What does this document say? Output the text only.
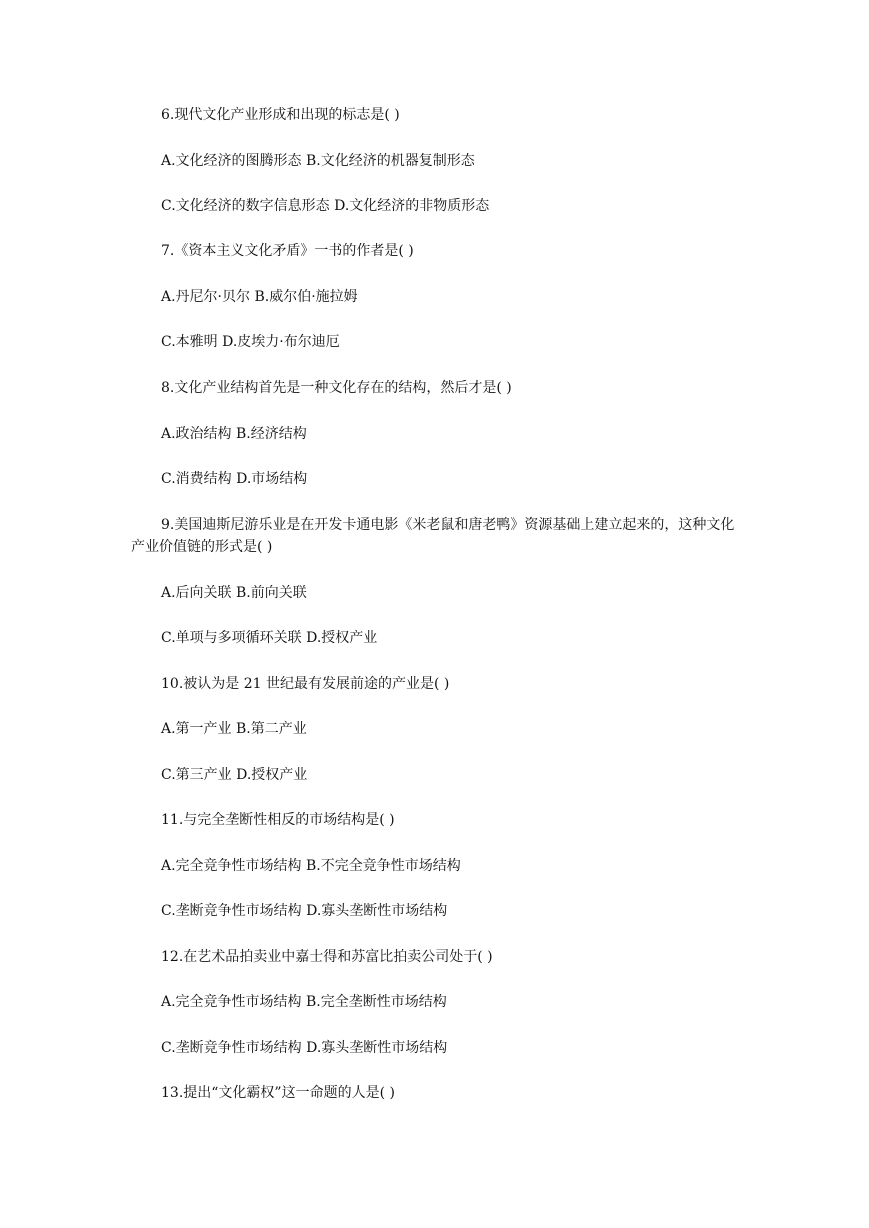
6.现代文化产业形成和出现的标志是( )
A.文化经济的图腾形态 B.文化经济的机器复制形态
C.文化经济的数字信息形态 D.文化经济的非物质形态
7.《资本主义文化矛盾》一书的作者是( )
A.丹尼尔·贝尔 B.威尔伯·施拉姆
C.本雅明 D.皮埃力·布尔迪厄
8.文化产业结构首先是一种文化存在的结构，然后才是( )
A.政治结构 B.经济结构
C.消费结构 D.市场结构
9.美国迪斯尼游乐业是在开发卡通电影《米老鼠和唐老鸭》资源基础上建立起来的，这种文化产业价值链的形式是( )
A.后向关联 B.前向关联
C.单项与多项循环关联 D.授权产业
10.被认为是 21 世纪最有发展前途的产业是( )
A.第一产业 B.第二产业
C.第三产业 D.授权产业
11.与完全垄断性相反的市场结构是( )
A.完全竞争性市场结构 B.不完全竞争性市场结构
C.垄断竞争性市场结构 D.寡头垄断性市场结构
12.在艺术品拍卖业中嘉士得和苏富比拍卖公司处于( )
A.完全竞争性市场结构 B.完全垄断性市场结构
C.垄断竞争性市场结构 D.寡头垄断性市场结构
13.提出“文化霸权”这一命题的人是( )
